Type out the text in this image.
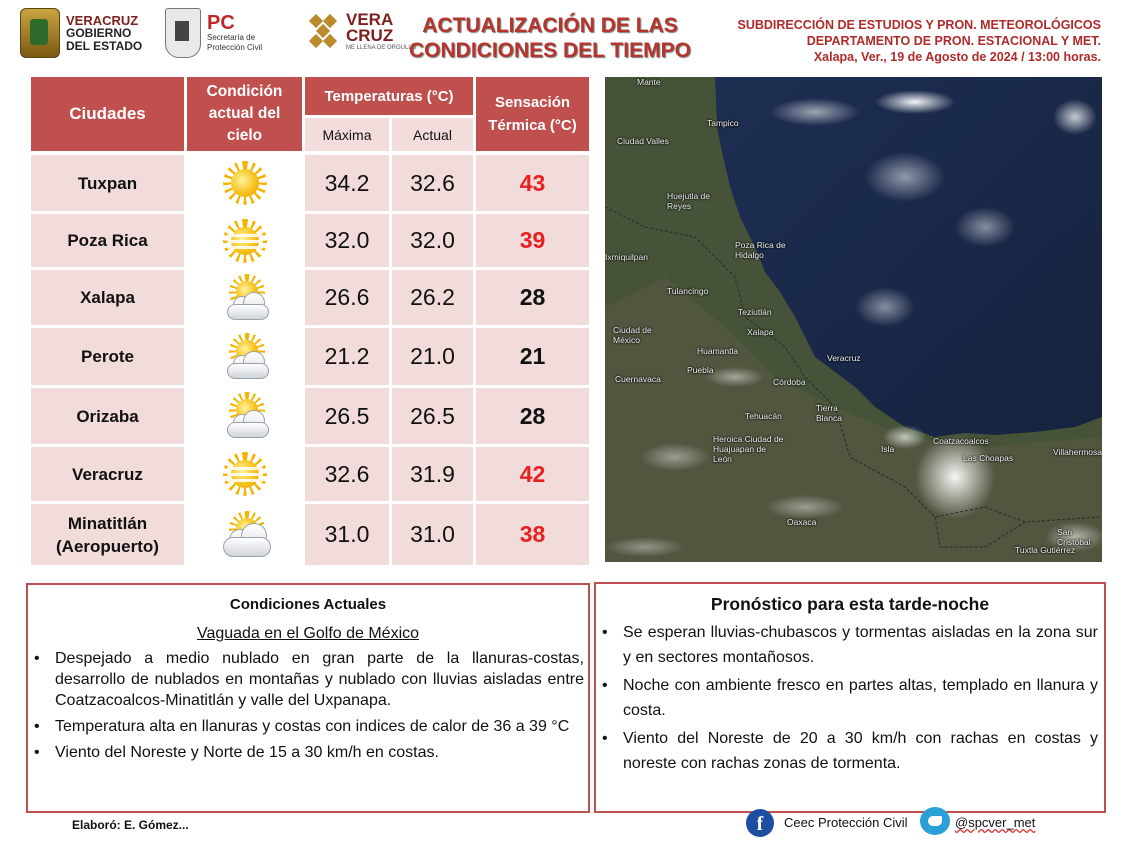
VERACRUZ
GOBIERNO
DEL ESTADO
PC
Secretaría de
Protección Civil
VERA
CRUZ
ME LLENA DE ORGULLO
ACTUALIZACIÓN DE LAS
CONDICIONES DEL TIEMPO
SUBDIRECCIÓN DE ESTUDIOS Y PRON. METEOROLÓGICOS
DEPARTAMENTO DE PRON. ESTACIONAL Y MET.
Xalapa, Ver., 19 de Agosto de 2024 / 13:00 horas.
Ciudades
Condición actual del cielo
Temperaturas (°C)
Máxima	Actual
Sensación Térmica (°C)
Tuxpan	34.2	32.6	43
Poza Rica	32.0	32.0	39
Xalapa	26.6	26.2	28
Perote	21.2	21.0	21
Orizaba	26.5	26.5	28
Veracruz	32.6	31.9	42
Minatitlán (Aeropuerto)	31.0	31.0	38
Mante
Tampico
Ciudad Valles
Huejutla de Reyes
Poza Rica de Hidalgo
Ixmiquilpan
Tulancingo
Teziutlán
Xalapa
Ciudad de México
Huamantla
Veracruz
Puebla
Cuernavaca	Córdoba
Tehuacán
Tierra Blanca
Heroica Ciudad de Huajuapan de León
Coatzacoalcos
Las Choapas
Villahermosa
Isla
Oaxaca
San Cristóbal
Tuxtla Gutiérrez
Condiciones Actuales
Vaguada en el Golfo de México
• Despejado a medio nublado en gran parte de la llanuras-costas, desarrollo de nublados en montañas y nublado con lluvias aisladas entre Coatzacoalcos-Minatitlán y valle del Uxpanapa.
• Temperatura alta en llanuras y costas con indices de calor de 36 a 39 °C
• Viento del Noreste y Norte de 15 a 30 km/h en costas.
Pronóstico para esta tarde-noche
• Se esperan lluvias-chubascos y tormentas aisladas en la zona sur y en sectores montañosos.
• Noche con ambiente fresco en partes altas, templado en llanura y costa.
• Viento del Noreste de 20 a 30 km/h con rachas en costas y noreste con rachas zonas de tormenta.
Elaboró: E. Gómez...	f	Ceec Protección Civil	@spcver_met
